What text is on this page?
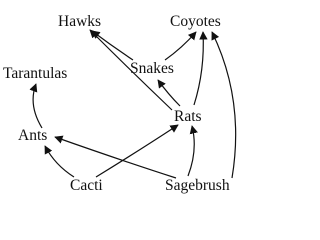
Hawks	Coyotes
Snakes
Tarantulas
Rats
Ants
Cacti	Sagebrush
